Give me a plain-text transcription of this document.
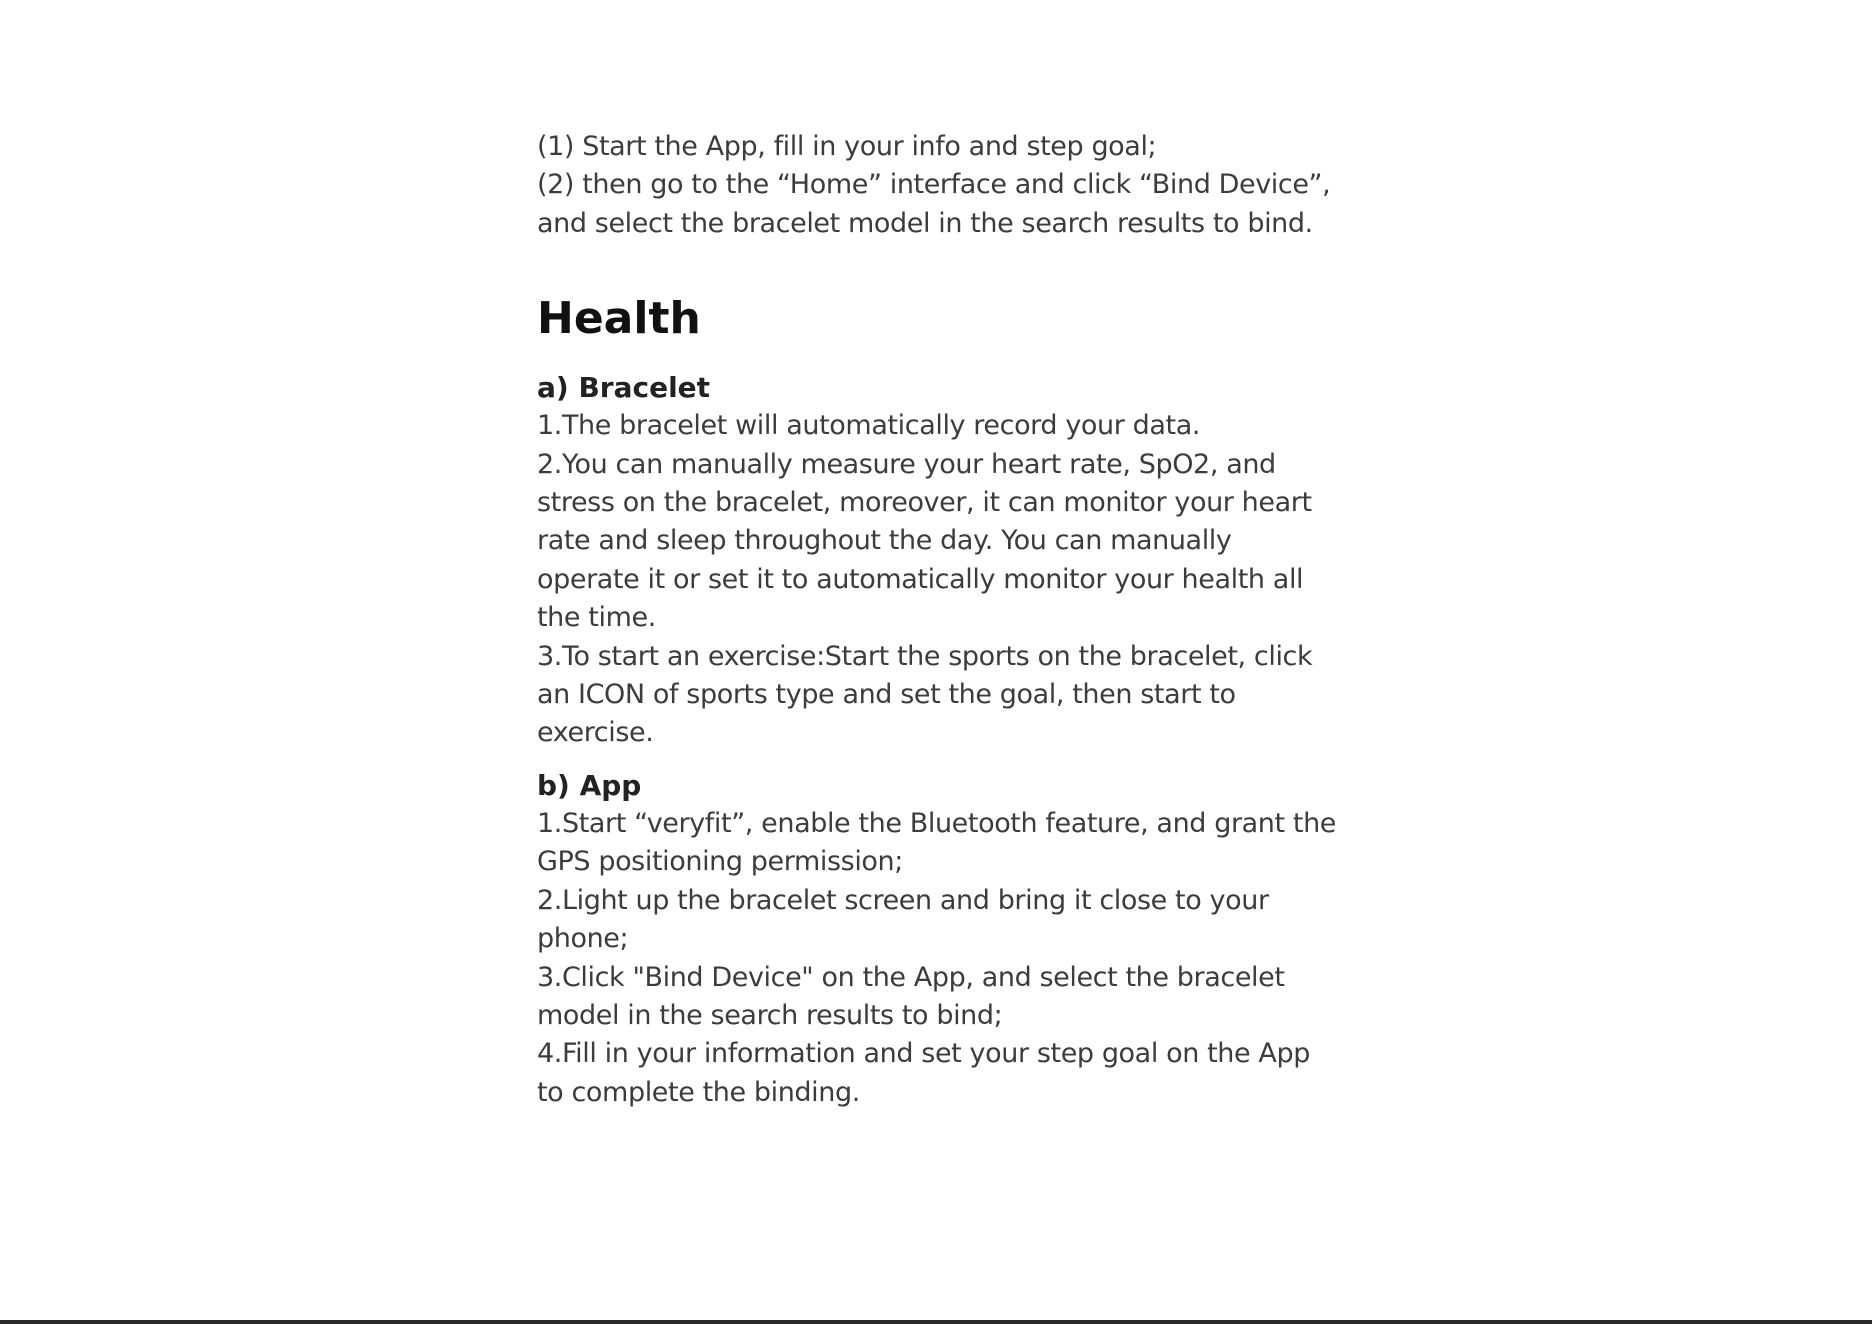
(1) Start the App, fill in your info and step goal;

(2) then go to the “Home” interface and click “Bind Device”, and select the bracelet model in the search results to bind.

Health
a) Bracelet

1.The bracelet will automatically record your data.

2.You can manually measure your heart rate, SpO2, and stress on the bracelet, moreover, it can monitor your heart rate and sleep throughout the day. You can manually operate it or set it to automatically monitor your health all the time.

3.To start an exercise:Start the sports on the bracelet, click an ICON of sports type and set the goal, then start to exercise.

b) App

1.Start “veryfit”, enable the Bluetooth feature, and grant the GPS positioning permission;

2.Light up the bracelet screen and bring it close to your phone;

3.Click "Bind Device" on the App, and select the bracelet model in the search results to bind;

4.Fill in your information and set your step goal on the App to complete the binding.
